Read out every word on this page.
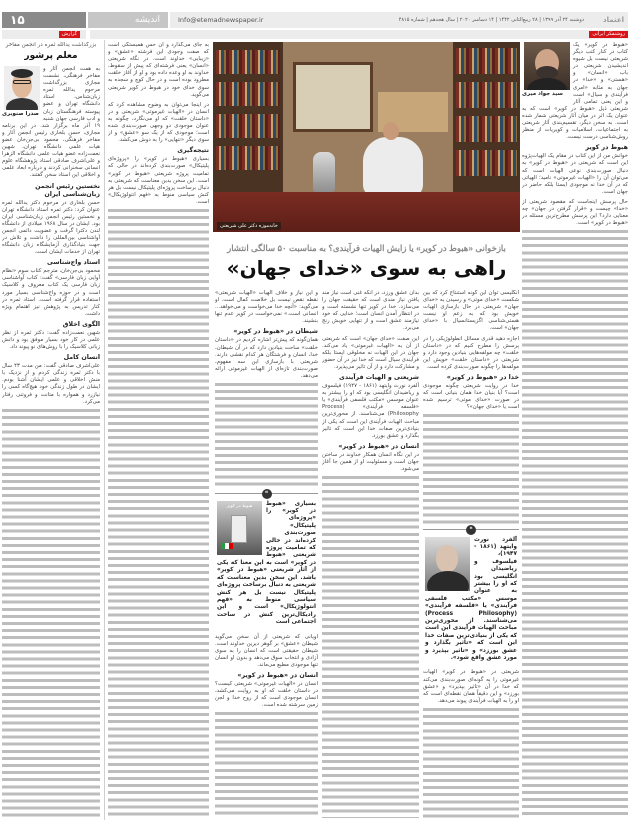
۱۵	اندیشه	Info@etemadnewspaper.ir	دوشنبه ۲۴ آذر ۱۳۹۹ | ۲۸ ربیع‌الثانی ۱۴۴۲ | ۱۴ دسامبر ۲۰۲۰ | سال هجدهم | شماره ۴۸۱۵	اعتماد
گزارش	روشنفکر ایرانی
بزرگداشت یدالله ثمره در انجمن مفاخر
معلم پرشور
صدرا صنوبری

به همت انجمن آثار و مفاخر فرهنگی، نشست مجازی بزرگداشت مرحوم یدالله ثمره زبان‌شناس، استاد دانشگاه تهران و عضو پیوسته فرهنگستان زبان و ادب فارسی جهان شنبه ۱۹ آذر ماه برگزار شد. در این برنامه مجازی، حسن بلخاری رئیس انجمن آثار و مفاخر فرهنگی، محمود بی‌جن‌خان عضو هیات علمی دانشگاه تهران، شهین نعمت‌زاده عضو هیات علمی دانشگاه الزهرا و علی‌اشرف صادقی استاد پژوهشگاه علوم انسانی سخنرانی کردند و درباره ابعاد علمی و اخلاقی این استاد سخن گفتند.

نخستین رئیس انجمن زبان‌شناسی ایران

حسن بلخاری در مرحوم دکتر یدالله ثمره عنوان کرد: دکتر ثمره استاد دانشگاه تهران و نخستین رئیس انجمن زبان‌شناسی ایران بود. ایشان در سال ۱۹۶۸ میلادی از دانشگاه لندن دکترا گرفت و عضویت دائمی انجمن آواشناسی بین‌المللی را داشت و تلاش در جهت بنیادگذاری آزمایشگاه زبان دانشگاه تهران از خدمات ایشان است.

استاد واج‌شناسی

محمود بی‌جن‌خان، مترجم کتاب سوم «نظام آوایی زبان فارسی» گفت: کتاب آواشناسی زبان فارسی یک کتاب معروف و کلاسیک است و در حوزه واج‌شناسی بسیار مورد استفاده قرار گرفته است. استاد ثمره در کنار تدریس به پژوهش نیز اهتمام ویژه داشت.

الگوی اخلاق

شهین نعمت‌زاده گفت: دکتر ثمره از نظر علمی در کار خود بسیار موفق بود و دانش زبانی کلاسیک را با روش‌های نو پیوند داد.

انسان کامل

علی‌اشرف صادقی گفت: من مدت ۴۳ سال با دکتر ثمره زندگی کردم و از نزدیک با منش اخلاقی و علمی ایشان آشنا بودم. ایشان در طول زندگی خود هیچ‌گاه کسی را نیازرد و همواره با متانت و فروتنی رفتار می‌کرد.

به جای می‌گذارد و آن حس همبستگی است که صفت وجودی این فرشته «عشق» و «زیبایی» خداوند است. در نگاه شریعتی «انسان» یعنی فرشته‌ای که پیش از سقوط، خداوند به او وعده داده بود و او از آغاز خلقت مطرود بوده است و در حال کوچ و سجده به سوی خدای خود در هبوط در کویر شریعتی می‌گوید.

در اینجا می‌توان به وضوح مشاهده کرد که انسان در «الهیات غیرموتی» شریعتی و در «داستان خلقت» که او می‌نگارد، چگونه به عنوان موجودی دو وجهی صورت‌بندی شده است؛ موجودی که از یک سو «عشق» و از سوی دیگر «تنهایی» را به دوش می‌کشد.

نتیجه‌گیری

بسیاری «هبوط در کویر» را «پروژه‌ای پلیتیکال» صورت‌بندی کرده‌اند در حالی که تمامیت پروژه شریعتی «هبوط در کویر» است. این سخن بدین معناست که شریعتی به دنبال برساخت پروژه‌ای پلیتیکال نیست بل هر کنش سیاسی منوط به «فهم انتولوژیکال» است.

خانه‌موزه دکتر علی شریعتی
بازخوانی «هبوط در کویر» یا زایش الهیات فرآیندی؟ به مناسبت ۵۰ سالگی انتشار
راهی به سوی «خدای جهان»

و این نیاز و خلاف الهیات «الهیات شریعتی» نقطه نقص نیست بل خلاصت کمال است. او می‌گوید: «آنچه خدا می‌خواست و می‌خواهد... انسانی است.» نمی‌خواست در کویر عدم تنها بنشیند.

شیطان در «هبوط در کویر»

همان‌گونه که پیش‌تر اشاره کردیم در «داستان خلقت» ساحت بنیادین دارد که در آن شیطان، خدا، انسان و فرشتگان هر کدام نقشی دارند. شریعتی با بازسازی این سه مفهوم، صورت‌بندی تازه‌ای از الهیات غیرموتی ارائه می‌دهد.

❝
هبوط در کویر	بسیاری «هبوط در کویر» را «پروژه‌ای پلیتیکال» صورت‌بندی کرده‌اند در حالی که تمامیت پروژه شریعتی «هبوط در کویر» است به این معنا که یکی از آثار شریعتی «هبوط در کویر» باشد. این سخن بدین معناست که شریعتی به دنبال برساخت پروژه‌ای پلیتیکال نیست بل هر کنش سیاسی منوط به «فهم انتولوژیکال» است و این رادیکال‌ترین کنش در ساحت اجتماعی است

اویانی که شریعتی از آن سخن می‌گوید شیطان «عشق» بر گوهر دیرین خداوند است. شیطان حقیقتی است که انسان را به سوی آزادی و انتخاب سوق می‌دهد و بدون او انسان تنها موجودی مطیع می‌ماند.

انسان در «هبوط در کویر»

انسان در «الهیات غیرموتی» شریعتی کیست؟ در داستان خلقت که او به روایت می‌کشد، انسان موجودی است که از روح خدا و لجن زمین سرشته شده است.

بدان عشق ورزد، در آنکه غنی است نیاز مند یافتن نیاز مندی است که حقیقت جهان را می‌سازد. خدا در کویر تنها نشسته است و در انتظار آمدن انسان است؛ خدایی که خود نیازمند عشق است و از تنهایی خویش رنج می‌برد.

این صفت «خدای جهان» است که شریعتی از آن به «الهیات غیرموتی» یاد می‌کند. جهان در این الهیات نه مخلوقی ایستا بلکه فرآیندی سیال است که خدا نیز در آن حضور و مشارکت دارد و از آن تاثیر می‌پذیرد.

شریعتی و الهیات فرآیندی

آلفرد نورث وایتهد (۱۸۶۱ - ۱۹۴۷) فیلسوف و ریاضیدان انگلیسی بود که او را بیشتر به عنوان موسس «مکتب فلسفی فرآیندی» یا «فلسفه فرآیندی» (Process Philosophy) می‌شناسند. از محوری‌ترین مباحث الهیات فرآیندی این است که یکی از بنیادی‌ترین صفات خدا این است که تاثیر بگذارد و عشق بورزد.

انسان در «هبوط در کویر»

در این نگاه انسان همکار خداوند در ساختن جهان است و مسئولیت او از همین جا آغاز می‌شود.

انگلیسی توان این گونه استنتاج کرد که بین شکست «خدای موتی» و رسیدن به «خدای جهان» شریعتی در حال بازسازی الهیات خویش بود که به زعم او نیست هستی‌شناسی اگزیستانسیال با «خدای جهان» است.

اجازه دهید قدری مسائل انطولوژیکی را در پرسش را مطرح کنیم که در «داستان خلقت» چه مولفه‌هایی بنیادین وجود دارد و شریعتی در «داستان خلقت» خویش این مولفه‌ها را چگونه صورت‌بندی کرده است.

خدا در «هبوط در کویر»

خدا در روایت شریعتی چگونه موجودی است؟ آیا بنیان خدا همان بنیانی است که در صورت «خدای موتی» ترسیم شده است یا «خدای جهان»؟

❝
آلفرد نورث وایتهد (۱۸۶۱ - ۱۹۴۷)، فیلسوف و ریاضیدان انگلیسی بود که او را بیشتر به عنوان موسس «مکتب فلسفی فرآیندی» یا «فلسفه فرآیندی» (Process Philosophy) می‌شناسند. از محوری‌ترین مباحث الهیات فرآیندی این است که یکی از بنیادی‌ترین صفات خدا این است که «تاثیر بگذارد و عشق بورزد» و «تاثیر بپذیرد و مورد عشق واقع شود».

شریعتی در «هبوط در کویر» الهیات غیرموتی را به گونه‌ای صورت‌بندی می‌کند که خدا در آن «تاثیر بپذیرد» و «عشق بورزد» و این دقیقاً همان نقطه‌ای است که او را به الهیات فرآیندی پیوند می‌دهد.

سید جواد میری

«هبوط در کویر» یک کتاب در کنار کتب دیگر شریعتی نیست بل شیوه اندیشیدن شریعتی در باب «انسان» و «هستی» و «خدا» در جهان به مثابه «امری فرآیندی و سیال» است و این یعنی تمامی آثار شریعتی ذیل «هبوط در کویر» است که به عنوان یک اثر در میان آثار شریعتی شمار شده است. به سخن دیگر، تقسیم‌بندی آثار شریعتی به اجتماعیات، اسلامیات و کویریات از منظر روش‌شناسی درست نیست.

هبوط در کویر

خوانش من از این کتاب در مقام یک الهیات‌پژوه این است که شریعتی در «هبوط در کویر» به دنبال صورت‌بندی نوعی الهیات است که می‌توان آن را «الهیات غیرموتی» نامید؛ الهیاتی که در آن خدا نه موجودی ایستا بلکه حاضر در جهان است.

حال پرسش اینجاست که مقصود شریعتی از «خدا» چیست و «قرار گرفتن در جهان» چه معنایی دارد؟ این پرسش مطرح‌ترین مسئله در «هبوط در کویر» است.
